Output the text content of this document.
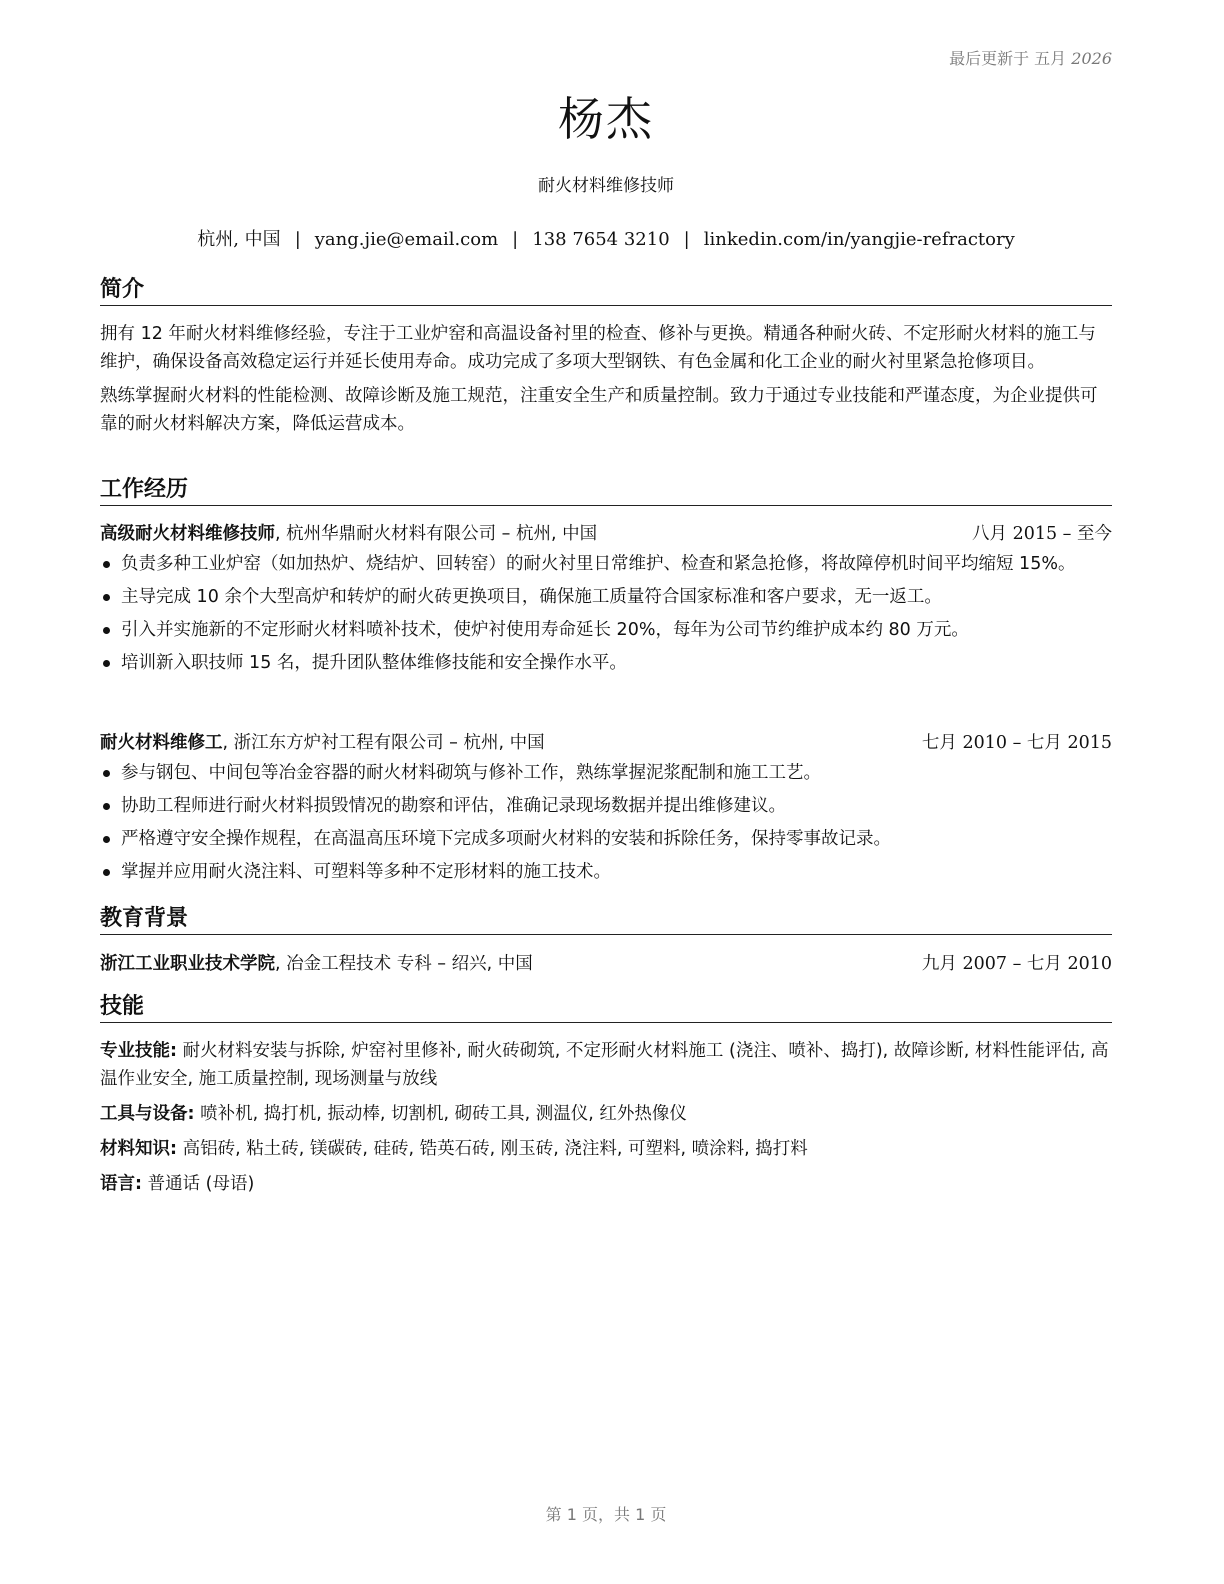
最后更新于 五月 2026
杨杰
耐火材料维修技师
杭州, 中国 | yang.jie@email.com | 138 7654 3210 | linkedin.com/in/yangjie-refractory
简介

拥有 12 年耐火材料维修经验，专注于工业炉窑和高温设备衬里的检查、修补与更换。精通各种耐火砖、不定形耐火材料的施工与维护，确保设备高效稳定运行并延长使用寿命。成功完成了多项大型钢铁、有色金属和化工企业的耐火衬里紧急抢修项目。

熟练掌握耐火材料的性能检测、故障诊断及施工规范，注重安全生产和质量控制。致力于通过专业技能和严谨态度，为企业提供可靠的耐火材料解决方案，降低运营成本。

工作经历
高级耐火材料维修技师, 杭州华鼎耐火材料有限公司 – 杭州, 中国	八月 2015 – 至今
负责多种工业炉窑（如加热炉、烧结炉、回转窑）的耐火衬里日常维护、检查和紧急抢修，将故障停机时间平均缩短 15%。
主导完成 10 余个大型高炉和转炉的耐火砖更换项目，确保施工质量符合国家标准和客户要求，无一返工。
引入并实施新的不定形耐火材料喷补技术，使炉衬使用寿命延长 20%，每年为公司节约维护成本约 80 万元。
培训新入职技师 15 名，提升团队整体维修技能和安全操作水平。
耐火材料维修工, 浙江东方炉衬工程有限公司 – 杭州, 中国	七月 2010 – 七月 2015
参与钢包、中间包等冶金容器的耐火材料砌筑与修补工作，熟练掌握泥浆配制和施工工艺。
协助工程师进行耐火材料损毁情况的勘察和评估，准确记录现场数据并提出维修建议。
严格遵守安全操作规程，在高温高压环境下完成多项耐火材料的安装和拆除任务，保持零事故记录。
掌握并应用耐火浇注料、可塑料等多种不定形材料的施工技术。
教育背景
浙江工业职业技术学院, 冶金工程技术 专科 – 绍兴, 中国	九月 2007 – 七月 2010
技能
专业技能: 耐火材料安装与拆除, 炉窑衬里修补, 耐火砖砌筑, 不定形耐火材料施工 (浇注、喷补、捣打), 故障诊断, 材料性能评估, 高温作业安全, 施工质量控制, 现场测量与放线
工具与设备: 喷补机, 捣打机, 振动棒, 切割机, 砌砖工具, 测温仪, 红外热像仪
材料知识: 高铝砖, 粘土砖, 镁碳砖, 硅砖, 锆英石砖, 刚玉砖, 浇注料, 可塑料, 喷涂料, 捣打料
语言: 普通话 (母语)
第 1 页，共 1 页
